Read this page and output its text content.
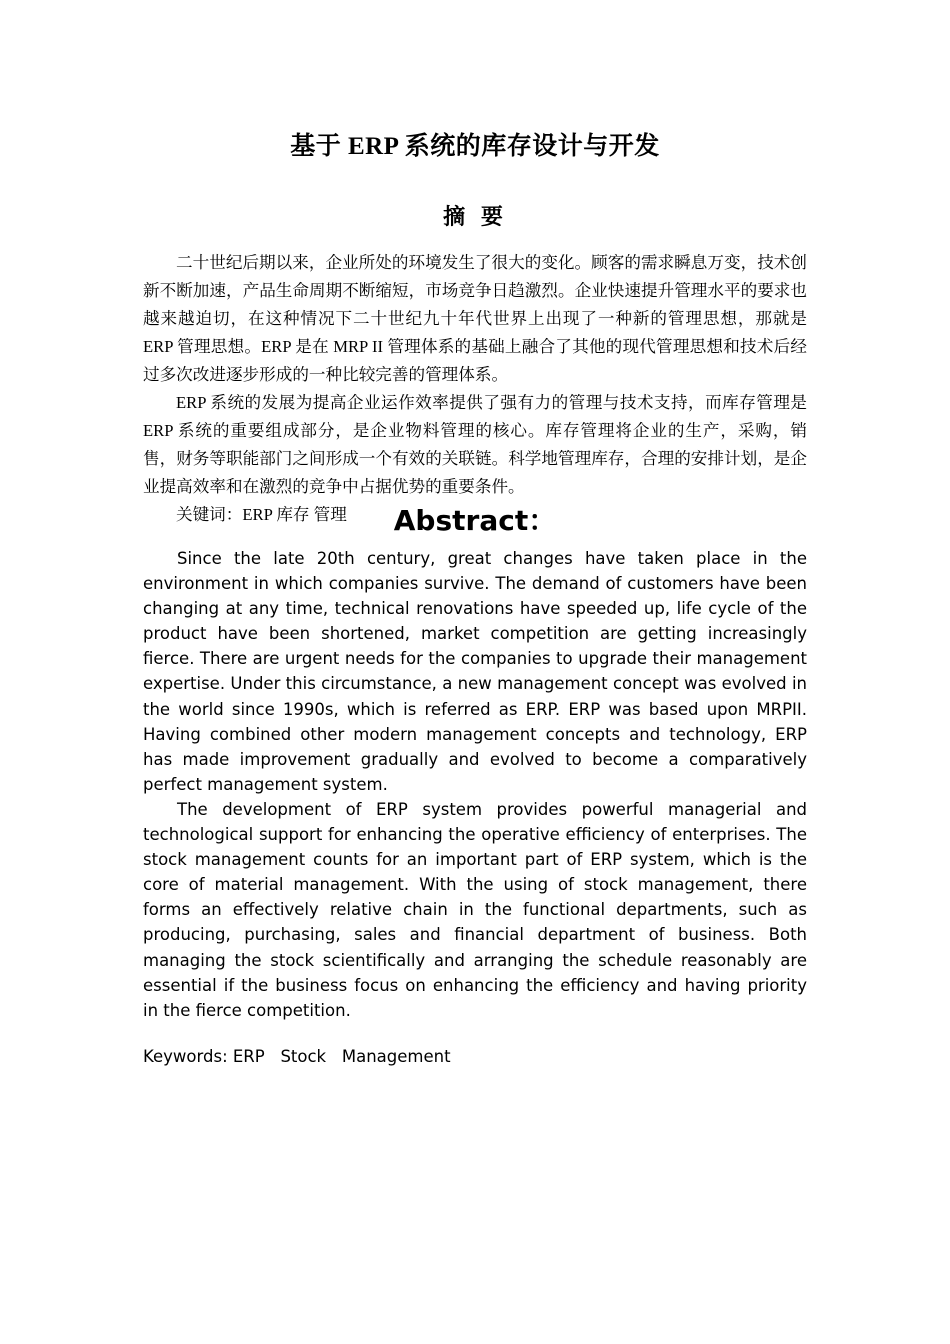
基于 ERP 系统的库存设计与开发
摘 要

二十世纪后期以来，企业所处的环境发生了很大的变化。顾客的需求瞬息万变，技术创新不断加速，产品生命周期不断缩短，市场竞争日趋激烈。企业快速提升管理水平的要求也越来越迫切，在这种情况下二十世纪九十年代世界上出现了一种新的管理思想，那就是 ERP 管理思想。ERP 是在 MRP II 管理体系的基础上融合了其他的现代管理思想和技术后经过多次改进逐步形成的一种比较完善的管理体系。

ERP 系统的发展为提高企业运作效率提供了强有力的管理与技术支持，而库存管理是 ERP 系统的重要组成部分，是企业物料管理的核心。库存管理将企业的生产，采购，销售，财务等职能部门之间形成一个有效的关联链。科学地管理库存，合理的安排计划，是企业提高效率和在激烈的竞争中占据优势的重要条件。

关键词：ERP 库存 管理	Abstract：

Since the late 20th century, great changes have taken place in the environment in which companies survive. The demand of customers have been changing at any time, technical renovations have speeded up, life cycle of the product have been shortened, market competition are getting increasingly fierce. There are urgent needs for the companies to upgrade their management expertise. Under this circumstance, a new management concept was evolved in the world since 1990s, which is referred as ERP. ERP was based upon MRPII. Having combined other modern management concepts and technology, ERP has made improvement gradually and evolved to become a comparatively perfect management system.

The development of ERP system provides powerful managerial and technological support for enhancing the operative efficiency of enterprises. The stock management counts for an important part of ERP system, which is the core of material management. With the using of stock management, there forms an effectively relative chain in the functional departments, such as producing, purchasing, sales and financial department of business. Both managing the stock scientifically and arranging the schedule reasonably are essential if the business focus on enhancing the efficiency and having priority in the fierce competition.

Keywords: ERP   Stock   Management
